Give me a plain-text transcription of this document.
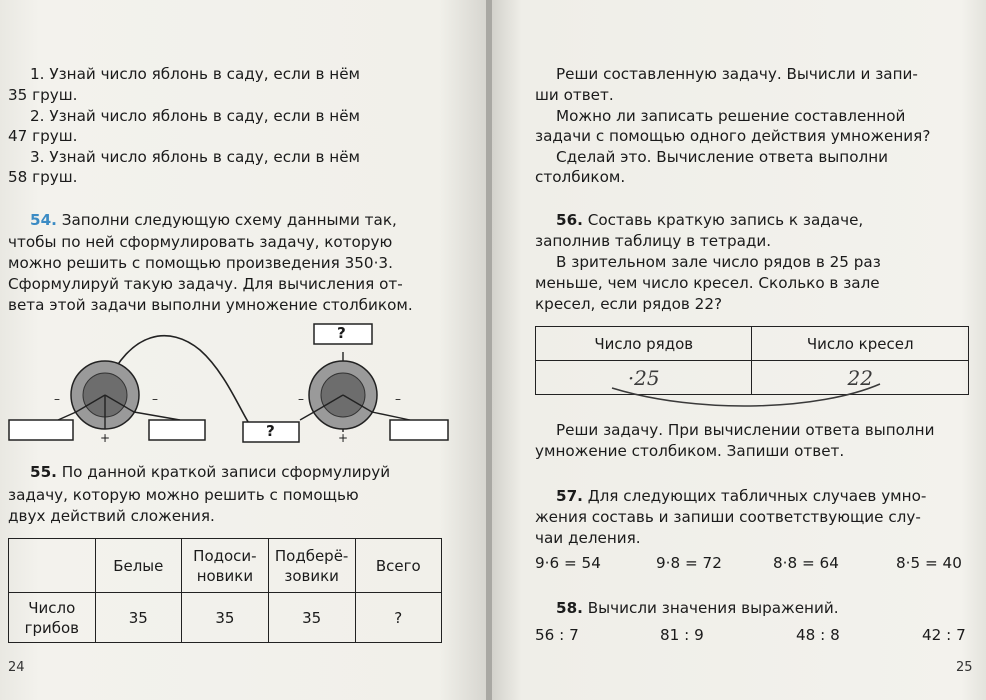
1. Узнай число яблонь в саду, если в нём
35 груш.
2. Узнай число яблонь в саду, если в нём
47 груш.
3. Узнай число яблонь в саду, если в нём
58 груш.
54. Заполни следующую схему данными так,
чтобы по ней сформулировать задачу, которую
можно решить с помощью произведения 350·3.
Сформулируй такую задачу. Для вычисления от-
вета этой задачи выполни умножение столбиком.
?
?
–	–	–	–
+	+
55. По данной краткой записи сформулируй
задачу, которую можно решить с помощью
двух действий сложения.
	Белые	Подоси-
новики	Подберё-
зовики	Всего
Число
грибов	35	35	35	?
24
Реши составленную задачу. Вычисли и запи-
ши ответ.
Можно ли записать решение составленной
задачи с помощью одного действия умножения?
Сделай это. Вычисление ответа выполни
столбиком.
56. Составь краткую запись к задаче,
заполнив таблицу в тетради.
В зрительном зале число рядов в 25 раз
меньше, чем число кресел. Сколько в зале
кресел, если рядов 22?
Число рядов	Число кресел
·25	22
Реши задачу. При вычислении ответа выполни
умножение столбиком. Запиши ответ.
57. Для следующих табличных случаев умно-
жения составь и запиши соответствующие слу-
чаи деления.
9·6 = 54	9·8 = 72	8·8 = 64	8·5 = 40
58. Вычисли значения выражений.
56 : 7	81 : 9	48 : 8	42 : 7
25
